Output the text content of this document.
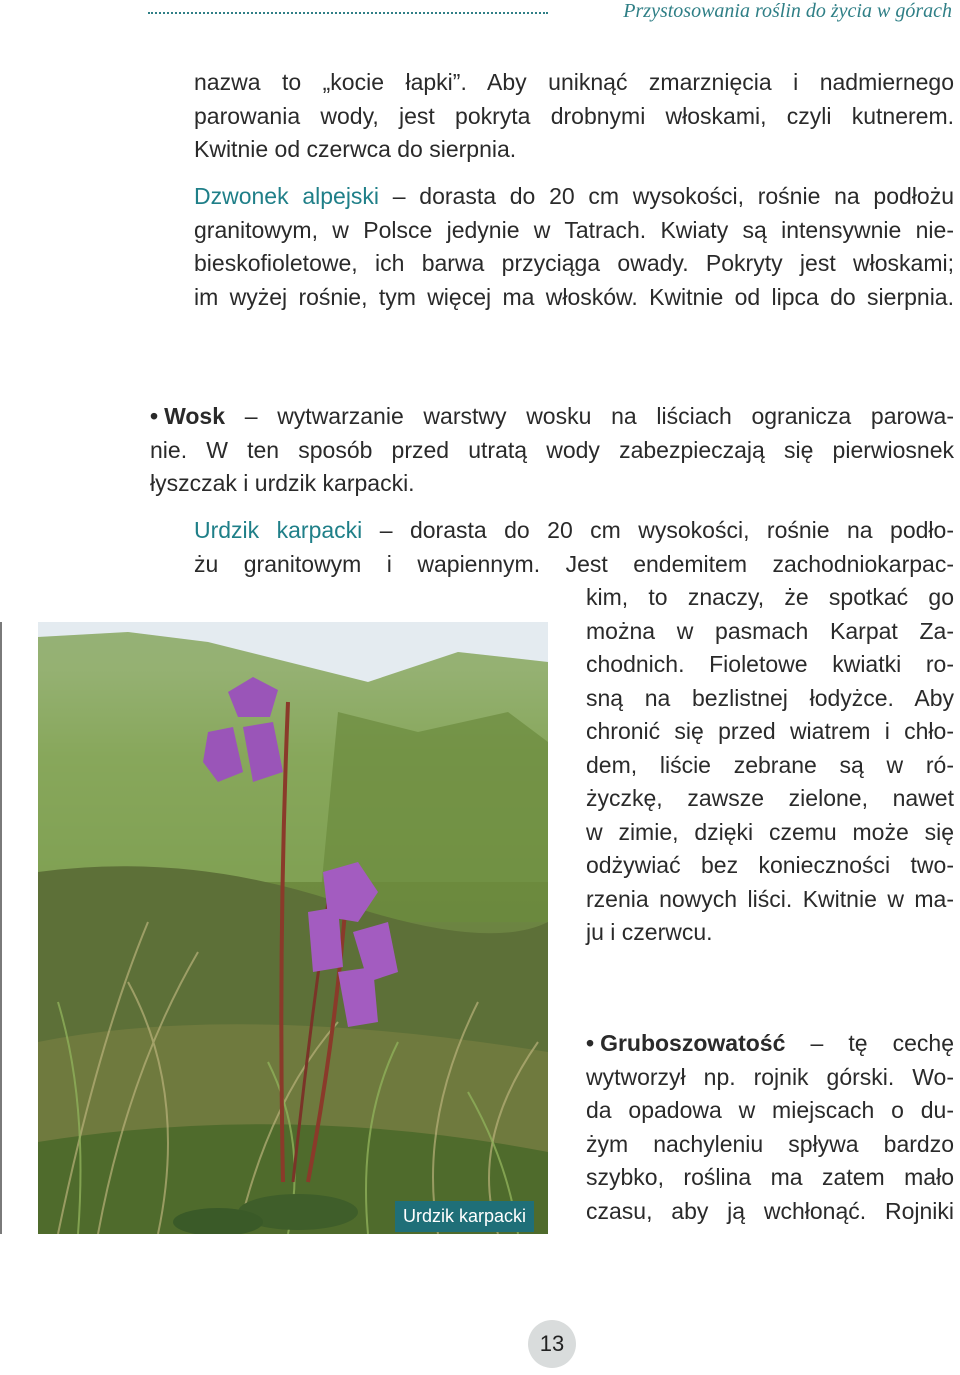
Przystosowania roślin do życia w górach
nazwa to „kocie łapki”. Aby uniknąć zmarznięcia i nadmiernego
parowania wody, jest pokryta drobnymi włoskami, czyli kutnerem.
Kwitnie od czerwca do sierpnia.
Dzwonek alpejski – dorasta do 20 cm wysokości, rośnie na podłożu
granitowym, w Polsce jedynie w Tatrach. Kwiaty są intensywnie nie-
bieskofioletowe, ich barwa przyciąga owady. Pokryty jest włoskami;
im wyżej rośnie, tym więcej ma włosków. Kwitnie od lipca do sierpnia.
• Wosk – wytwarzanie warstwy wosku na liściach ogranicza parowa-
nie. W ten sposób przed utratą wody zabezpieczają się pierwiosnek
łyszczak i urdzik karpacki.
Urdzik karpacki – dorasta do 20 cm wysokości, rośnie na podło-
żu granitowym i wapiennym. Jest endemitem zachodniokarpac-
kim, to znaczy, że spotkać go
można w pasmach Karpat Za-
chodnich. Fioletowe kwiatki ro-
sną na bezlistnej łodyżce. Aby
chronić się przed wiatrem i chło-
dem, liście zebrane są w ró-
życzkę, zawsze zielone, nawet
w zimie, dzięki czemu może się
odżywiać bez konieczności two-
rzenia nowych liści. Kwitnie w ma-
ju i czerwcu.
• Gruboszowatość – tę cechę
wytworzył np. rojnik górski. Wo-
da opadowa w miejscach o du-
żym nachyleniu spływa bardzo
szybko, roślina ma zatem mało
czasu, aby ją wchłonąć. Rojniki
Urdzik karpacki
13
